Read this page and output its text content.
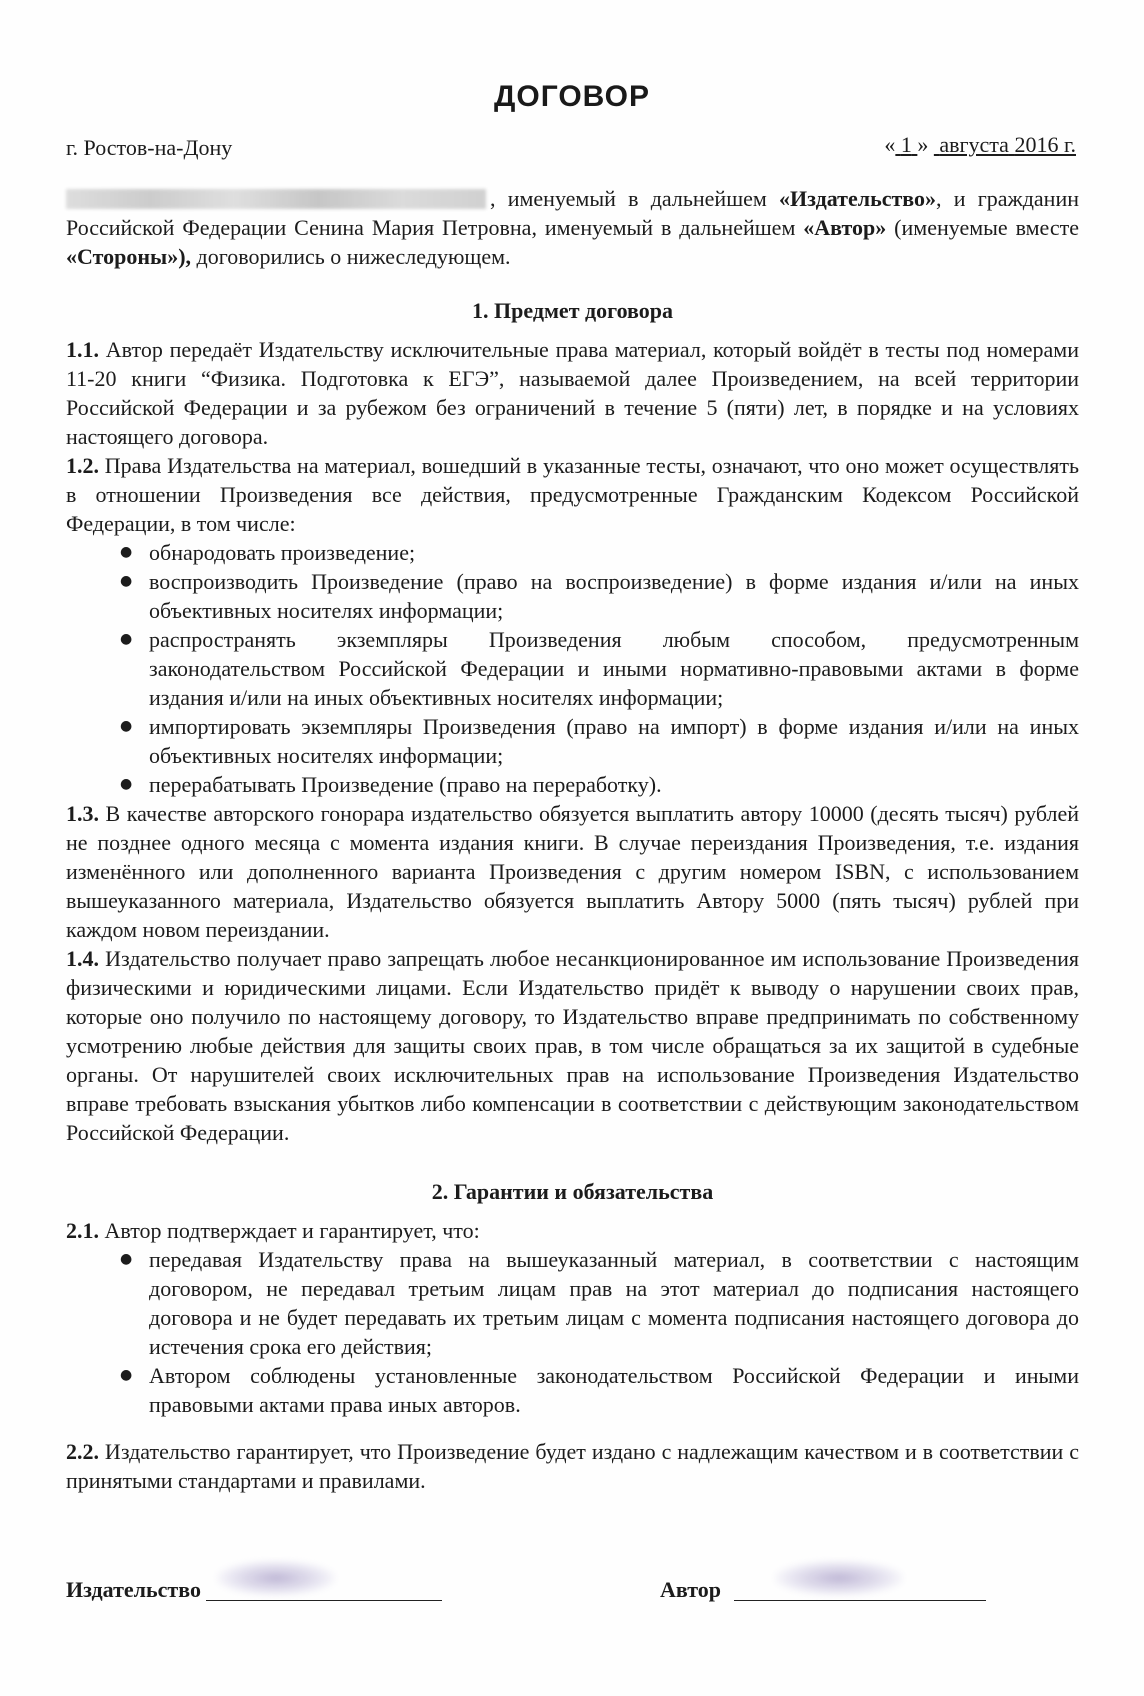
ДОГОВОР
г. Ростов-на-Дону	« 1 » августа 2016 г.

, именуемый в дальнейшем «Издательство», и гражданин Российской Федерации Сенина Мария Петровна, именуемый в дальнейшем «Автор» (именуемые вместе «Стороны»), договорились о нижеследующем.

1. Предмет договора

1.1. Автор передаёт Издательству исключительные права материал, который войдёт в тесты под номерами 11-20 книги “Физика. Подготовка к ЕГЭ”, называемой далее Произведением, на всей территории Российской Федерации и за рубежом без ограничений в течение 5 (пяти) лет, в порядке и на условиях настоящего договора.

1.2. Права Издательства на материал, вошедший в указанные тесты, означают, что оно может осуществлять в отношении Произведения все действия, предусмотренные Гражданским Кодексом Российской Федерации, в том числе:

● обнародовать произведение;
● воспроизводить Произведение (право на воспроизведение) в форме издания и/или на иных объективных носителях информации;
● распространять экземпляры Произведения любым способом, предусмотренным законодательством Российской Федерации и иными нормативно-правовыми актами в форме издания и/или на иных объективных носителях информации;
● импортировать экземпляры Произведения (право на импорт) в форме издания и/или на иных объективных носителях информации;
● перерабатывать Произведение (право на переработку).

1.3. В качестве авторского гонорара издательство обязуется выплатить автору 10000 (десять тысяч) рублей не позднее одного месяца с момента издания книги. В случае переиздания Произведения, т.е. издания изменённого или дополненного варианта Произведения с другим номером ISBN, с использованием вышеуказанного материала, Издательство обязуется выплатить Автору 5000 (пять тысяч) рублей при каждом новом переиздании.

1.4. Издательство получает право запрещать любое несанкционированное им использование Произведения физическими и юридическими лицами. Если Издательство придёт к выводу о нарушении своих прав, которые оно получило по настоящему договору, то Издательство вправе предпринимать по собственному усмотрению любые действия для защиты своих прав, в том числе обращаться за их защитой в судебные органы. От нарушителей своих исключительных прав на использование Произведения Издательство вправе требовать взыскания убытков либо компенсации в соответствии с действующим законодательством Российской Федерации.

2. Гарантии и обязательства

2.1. Автор подтверждает и гарантирует, что:

● передавая Издательству права на вышеуказанный материал, в соответствии с настоящим договором, не передавал третьим лицам прав на этот материал до подписания настоящего договора и не будет передавать их третьим лицам с момента подписания настоящего договора до истечения срока его действия;
● Автором соблюдены установленные законодательством Российской Федерации и иными правовыми актами права иных авторов.

2.2. Издательство гарантирует, что Произведение будет издано с надлежащим качеством и в соответствии с принятыми стандартами и правилами.

Издательство	Автор
